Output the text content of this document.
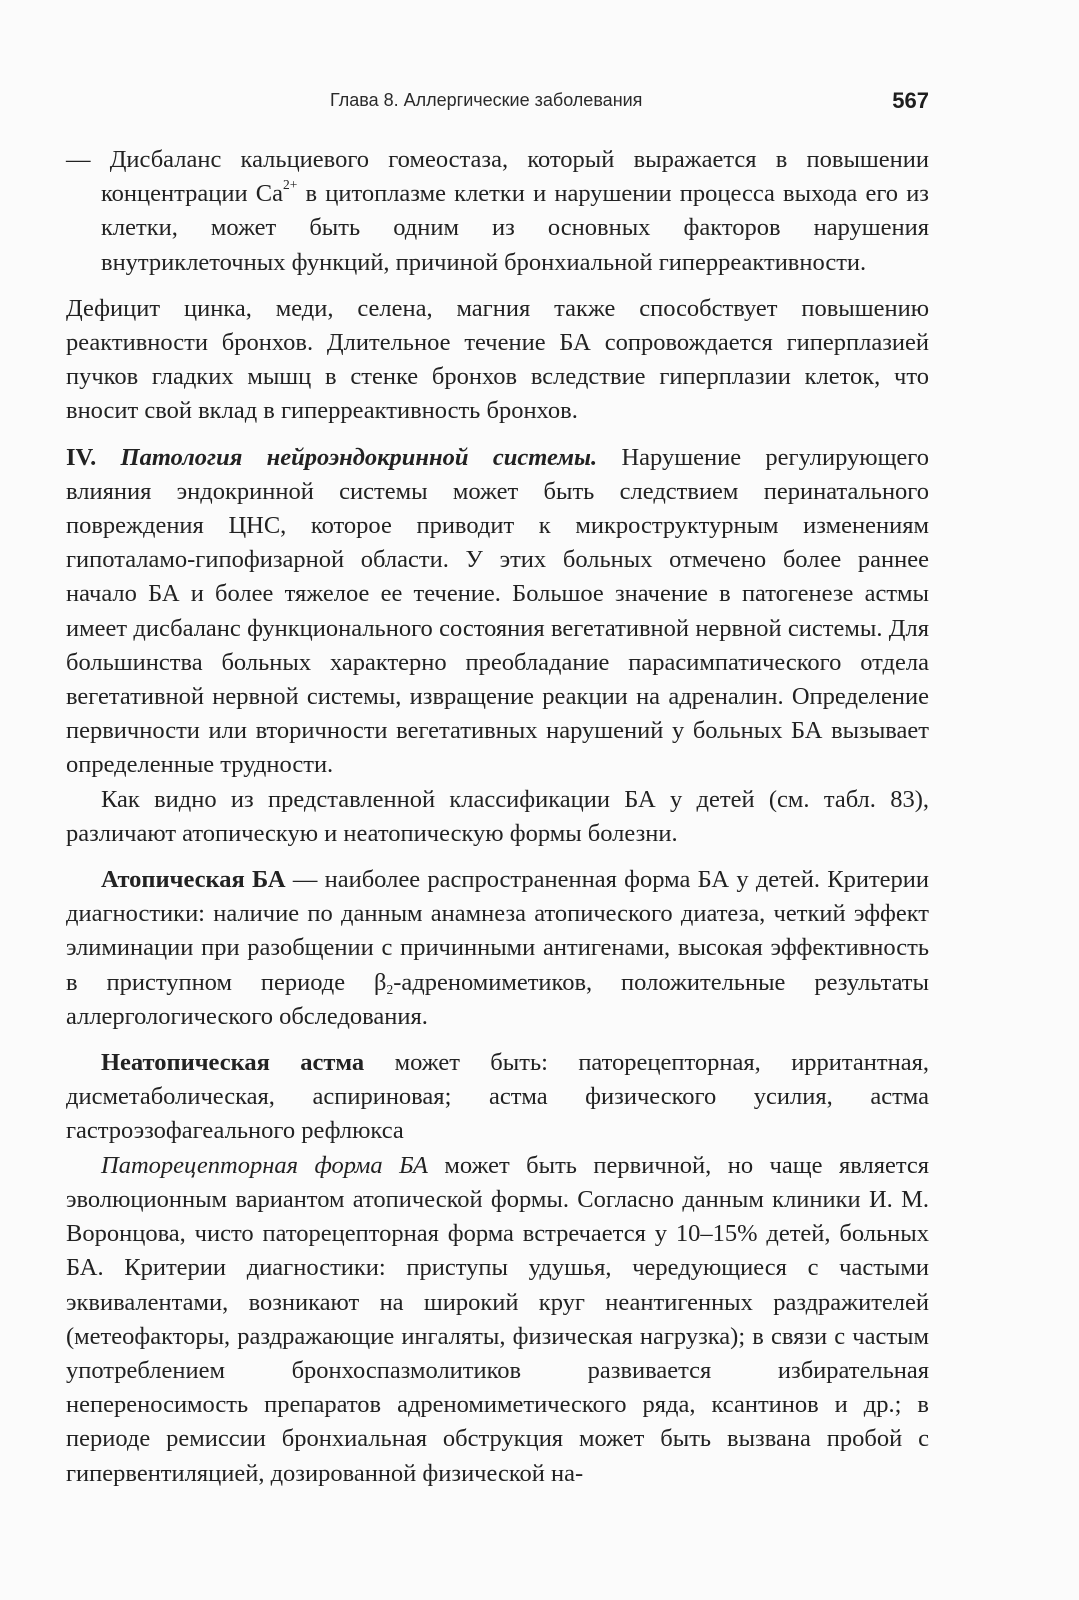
Глава 8. Аллергические заболевания	567

— Дисбаланс кальциевого гомеостаза, который выражается в повышении концентрации $Ca^{2+}$ в цитоплазме клетки и нарушении процесса выхода его из клетки, может быть одним из основных факторов нарушения внутриклеточных функций, причиной бронхиальной гиперреактивности.

Дефицит цинка, меди, селена, магния также способствует повышению реактивности бронхов. Длительное течение БА сопровождается гиперплазией пучков гладких мышц в стенке бронхов вследствие гиперплазии клеток, что вносит свой вклад в гиперреактивность бронхов.

IV. Патология нейроэндокринной системы. Нарушение регулирующего влияния эндокринной системы может быть следствием перинатального повреждения ЦНС, которое приводит к микроструктурным изменениям гипоталамо-гипофизарной области. У этих больных отмечено более раннее начало БА и более тяжелое ее течение. Большое значение в патогенезе астмы имеет дисбаланс функционального состояния вегетативной нервной системы. Для большинства больных характерно преобладание парасимпатического отдела вегетативной нервной системы, извращение реакции на адреналин. Определение первичности или вторичности вегетативных нарушений у больных БА вызывает определенные трудности.

Как видно из представленной классификации БА у детей (см. табл. 83), различают атопическую и неатопическую формы болезни.

Атопическая БА — наиболее распространенная форма БА у детей. Критерии диагностики: наличие по данным анамнеза атопического диатеза, четкий эффект элиминации при разобщении с причинными антигенами, высокая эффективность в приступном периоде $\beta_2$-адреномиметиков, положительные результаты аллергологического обследования.

Неатопическая астма может быть: паторецепторная, ирритантная, дисметаболическая, аспириновая; астма физического усилия, астма гастроэзофагеального рефлюкса

Паторецепторная форма БА может быть первичной, но чаще является эволюционным вариантом атопической формы. Согласно данным клиники И. М. Воронцова, чисто паторецепторная форма встречается у 10–15% детей, больных БА. Критерии диагностики: приступы удушья, чередующиеся с частыми эквивалентами, возникают на широкий круг неантигенных раздражителей (метеофакторы, раздражающие ингаляты, физическая нагрузка); в связи с частым употреблением бронхоспазмолитиков развивается избирательная непереносимость препаратов адреномиметического ряда, ксантинов и др.; в периоде ремиссии бронхиальная обструкция может быть вызвана пробой с гипервентиляцией, дозированной физической на-
